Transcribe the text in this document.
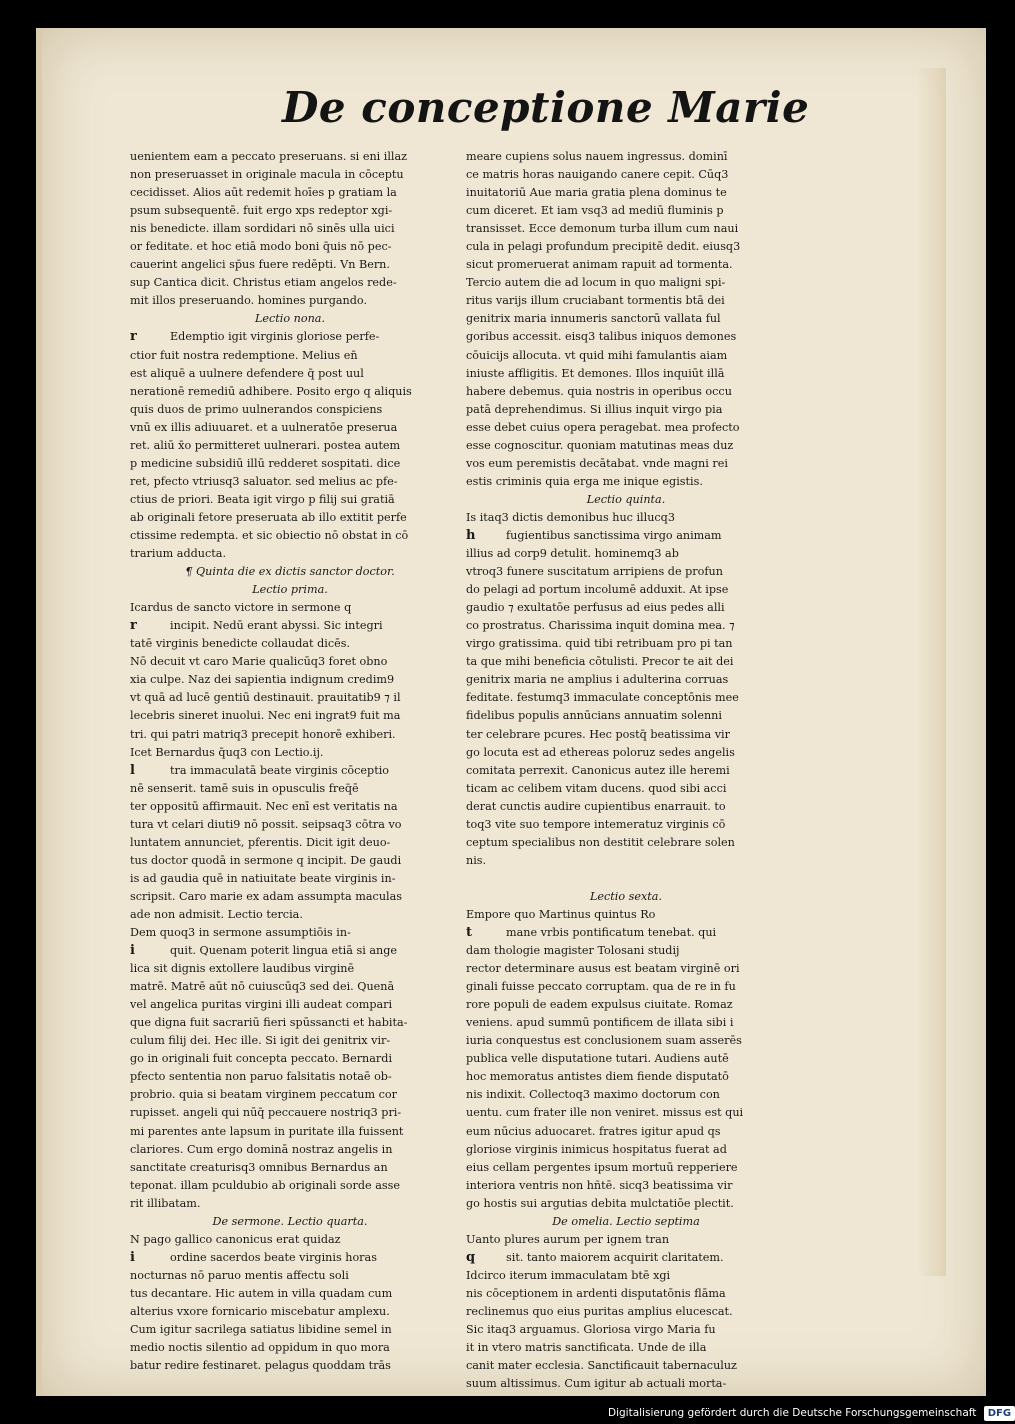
De conceptione Marie
uenientem eam a peccato preseruans. si eni illaz
non preseruasset in originale macula in cōceptu
cecidisset. Alios aūt redemit hoīes p gratiam la
psum subsequentē. fuit ergo xps redeptor xgi-
nis benedicte. illam sordidari nō sinēs ulla uici
or feditate. et hoc etiā modo boni q̄uis nō pec-
cauerint angelici sp̄us fuere redēpti. Vn Bern.
sup Cantica dicit. Christus etiam angelos rede-
mit illos preseruando. homines purgando.
Lectio nona.
r	Edemptio igit virginis gloriose perfe-
ctior fuit nostra redemptione. Melius en̄
est aliquē a uulnere defendere q̄ post uul
nerationē remediū adhibere. Posito ergo q aliquis
quis duos de primo uulnerandos conspiciens
vnū ex illis adiuuaret. et a uulneratōe preserua
ret. aliū x̄o permitteret uulnerari. postea autem
p medicine subsidiū illū redderet sospitati. dice
ret, pfecto vtriusq3 saluator. sed melius ac pfe-
ctius de priori. Beata igit virgo p filij sui gratiā
ab originali fetore preseruata ab illo extitit perfe
ctissime redempta. et sic obiectio nō obstat in cō
trarium adducta.
¶ Quinta die ex dictis sanctor doctor.
Lectio prima.
Icardus de sancto victore in sermone q
r	incipit. Nedū erant abyssi. Sic integri
tatē virginis benedicte collaudat dicēs.
Nō decuit vt caro Marie qualicūq3 foret obno
xia culpe. Naz dei sapientia indignum credim9
vt quā ad lucē gentiū destinauit. prauitatib9 ⁊ il
lecebris sineret inuolui. Nec eni ingrat9 fuit ma
tri. qui patri matriq3 precepit honorē exhiberi.
Icet Bernardus q̄uq3 con Lectio.ij.
l	tra immaculatā beate virginis cōceptio
nē senserit. tamē suis in opusculis freq̄ē
ter oppositū affirmauit. Nec enī est veritatis na
tura vt celari diuti9 nō possit. seipsaq3 cōtra vo
luntatem annunciet, pferentis. Dicit igit deuo-
tus doctor quodā in sermone q incipit. De gaudi
is ad gaudia quē in natiuitate beate virginis in-
scripsit. Caro marie ex adam assumpta maculas
ade non admisit. Lectio tercia.
Dem quoq3 in sermone assumptiōis in-
i	quit. Quenam poterit lingua etiā si ange
lica sit dignis extollere laudibus virginē
matrē. Matrē aūt nō cuiuscūq3 sed dei. Quenā
vel angelica puritas virgini illi audeat compari
que digna fuit sacrariū fieri spūssancti et habita-
culum filij dei. Hec ille. Si igit dei genitrix vir-
go in originali fuit concepta peccato. Bernardi
pfecto sententia non paruo falsitatis notaē ob-
probrio. quia si beatam virginem peccatum cor
rupisset. angeli qui nūq̄ peccauere nostriq3 pri-
mi parentes ante lapsum in puritate illa fuissent
clariores. Cum ergo dominā nostraz angelis in
sanctitate creaturisq3 omnibus Bernardus an
teponat. illam pculdubio ab originali sorde asse
rit illibatam.
De sermone. Lectio quarta.
N pago gallico canonicus erat quidaz
i	ordine sacerdos beate virginis horas
nocturnas nō paruo mentis affectu soli
tus decantare. Hic autem in villa quadam cum
alterius vxore fornicario miscebatur amplexu.
Cum igitur sacrilega satiatus libidine semel in
medio noctis silentio ad oppidum in quo mora
batur redire festinaret. pelagus quoddam trās
meare cupiens solus nauem ingressus. dominī
ce matris horas nauigando canere cepit. Cūq3
inuitatoriū Aue maria gratia plena dominus te
cum diceret. Et iam vsq3 ad mediū fluminis p
transisset. Ecce demonum turba illum cum naui
cula in pelagi profundum precipitē dedit. eiusq3
sicut promeruerat animam rapuit ad tormenta.
Tercio autem die ad locum in quo maligni spi-
ritus varijs illum cruciabant tormentis btā dei
genitrix maria innumeris sanctorū vallata ful
goribus accessit. eisq3 talibus iniquos demones
cōuicijs allocuta. vt quid mihi famulantis aiam
iniuste affligitis. Et demones. Illos inquiūt illā
habere debemus. quia nostris in operibus occu
patā deprehendimus. Si illius inquit virgo pia
esse debet cuius opera peragebat. mea profecto
esse cognoscitur. quoniam matutinas meas duz
vos eum peremistis decātabat. vnde magni rei
estis criminis quia erga me inique egistis.
Lectio quinta.
Is itaq3 dictis demonibus huc illucq3
h	fugientibus sanctissima virgo animam
illius ad corp9 detulit. hominemq3 ab
vtroq3 funere suscitatum arripiens de profun
do pelagi ad portum incolumē adduxit. At ipse
gaudio ⁊ exultatōe perfusus ad eius pedes alli
co prostratus. Charissima inquit domina mea. ⁊
virgo gratissima. quid tibi retribuam pro pi tan
ta que mihi beneficia cōtulisti. Precor te ait dei
genitrix maria ne amplius i adulterina corruas
feditate. festumq3 immaculate conceptōnis mee
fidelibus populis annūcians annuatim solenni
ter celebrare pcures. Hec postq̄ beatissima vir
go locuta est ad ethereas poloruz sedes angelis
comitata perrexit. Canonicus autez ille heremi
ticam ac celibem vitam ducens. quod sibi acci
derat cunctis audire cupientibus enarrauit. to
toq3 vite suo tempore intemeratuz virginis cō
ceptum specialibus non destitit celebrare solen
nis.
Lectio sexta.
Empore quo Martinus quintus Ro
t	mane vrbis pontificatum tenebat. qui
dam thologie magister Tolosani studij
rector determinare ausus est beatam virginē ori
ginali fuisse peccato corruptam. qua de re in fu
rore populi de eadem expulsus ciuitate. Romaz
veniens. apud summū pontificem de illata sibi i
iuria conquestus est conclusionem suam asserēs
publica velle disputatione tutari. Audiens autē
hoc memoratus antistes diem fiende disputatō
nis indixit. Collectoq3 maximo doctorum con
uentu. cum frater ille non veniret. missus est qui
eum nūcius aduocaret. fratres igitur apud qs
gloriose virginis inimicus hospitatus fuerat ad
eius cellam pergentes ipsum mortuū repperiere
interiora ventris non hñtē. sicq3 beatissima vir
go hostis sui argutias debita mulctatiōe plectit.
De omelia. Lectio septima
Uanto plures aurum per ignem tran
q	sit. tanto maiorem acquirit claritatem.
Idcirco iterum immaculatam btē xgi
nis cōceptionem in ardenti disputatōnis flāma
reclinemus quo eius puritas amplius elucescat.
Sic itaq3 arguamus. Gloriosa virgo Maria fu
it in vtero matris sanctificata. Unde de illa
canit mater ecclesia. Sanctificauit tabernaculuz
suum altissimus. Cum igitur ab actuali morta-
Digitalisierung gefördert durch die Deutsche Forschungsgemeinschaft DFG
